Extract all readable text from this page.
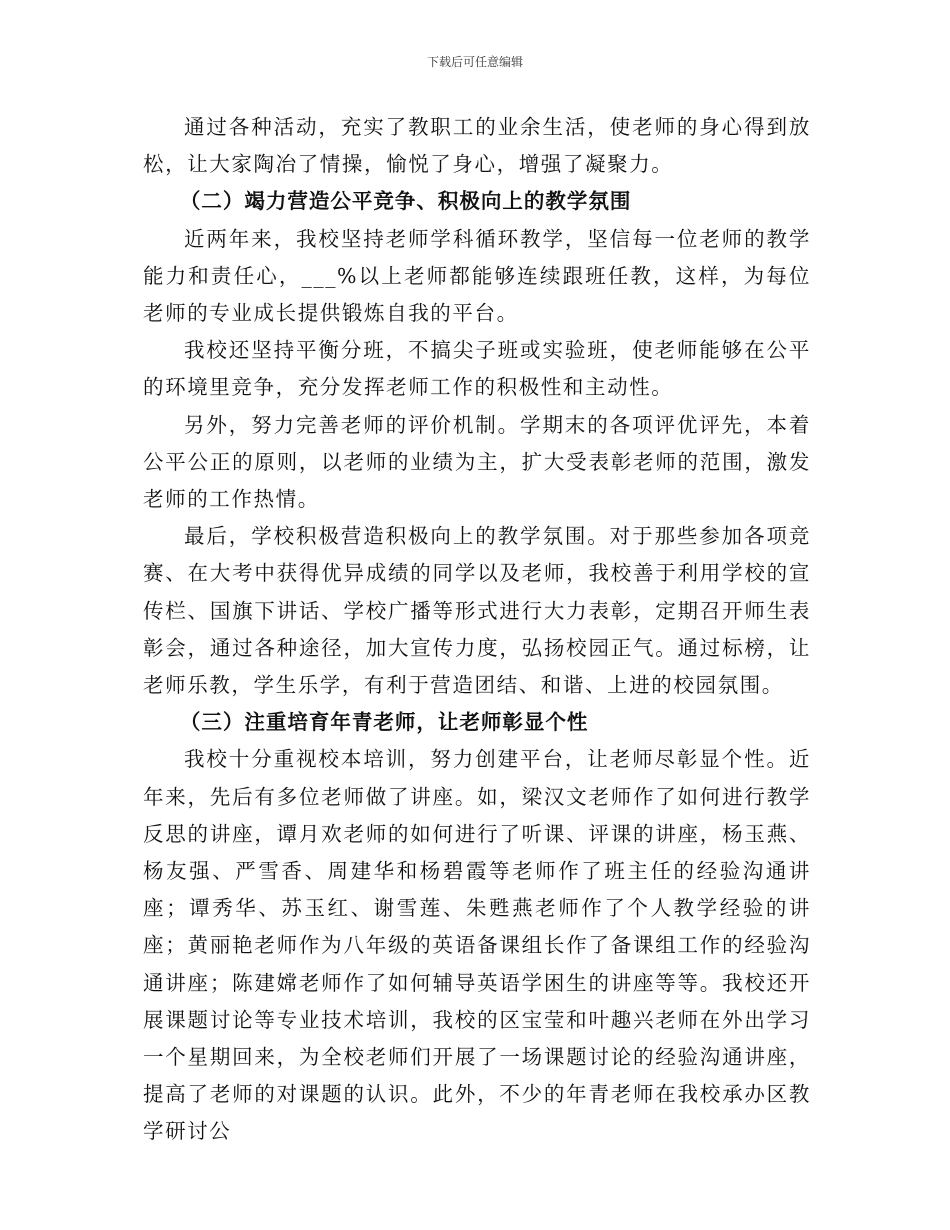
下载后可任意编辑

通过各种活动，充实了教职工的业余生活，使老师的身心得到放松，让大家陶冶了情操，愉悦了身心，增强了凝聚力。

（二）竭力营造公平竞争、积极向上的教学氛围

近两年来，我校坚持老师学科循环教学，坚信每一位老师的教学能力和责任心，___%以上老师都能够连续跟班任教，这样，为每位老师的专业成长提供锻炼自我的平台。

我校还坚持平衡分班，不搞尖子班或实验班，使老师能够在公平的环境里竞争，充分发挥老师工作的积极性和主动性。

另外，努力完善老师的评价机制。学期末的各项评优评先，本着公平公正的原则，以老师的业绩为主，扩大受表彰老师的范围，激发老师的工作热情。

最后，学校积极营造积极向上的教学氛围。对于那些参加各项竞赛、在大考中获得优异成绩的同学以及老师，我校善于利用学校的宣传栏、国旗下讲话、学校广播等形式进行大力表彰，定期召开师生表彰会，通过各种途径，加大宣传力度，弘扬校园正气。通过标榜，让老师乐教，学生乐学，有利于营造团结、和谐、上进的校园氛围。

（三）注重培育年青老师，让老师彰显个性

我校十分重视校本培训，努力创建平台，让老师尽彰显个性。近年来，先后有多位老师做了讲座。如，梁汉文老师作了如何进行教学反思的讲座，谭月欢老师的如何进行了听课、评课的讲座，杨玉燕、杨友强、严雪香、周建华和杨碧霞等老师作了班主任的经验沟通讲座；谭秀华、苏玉红、谢雪莲、朱甦燕老师作了个人教学经验的讲座；黄丽艳老师作为八年级的英语备课组长作了备课组工作的经验沟通讲座；陈建嫦老师作了如何辅导英语学困生的讲座等等。我校还开展课题讨论等专业技术培训，我校的区宝莹和叶趣兴老师在外出学习一个星期回来，为全校老师们开展了一场课题讨论的经验沟通讲座，提高了老师的对课题的认识。此外，不少的年青老师在我校承办区教学研讨公
